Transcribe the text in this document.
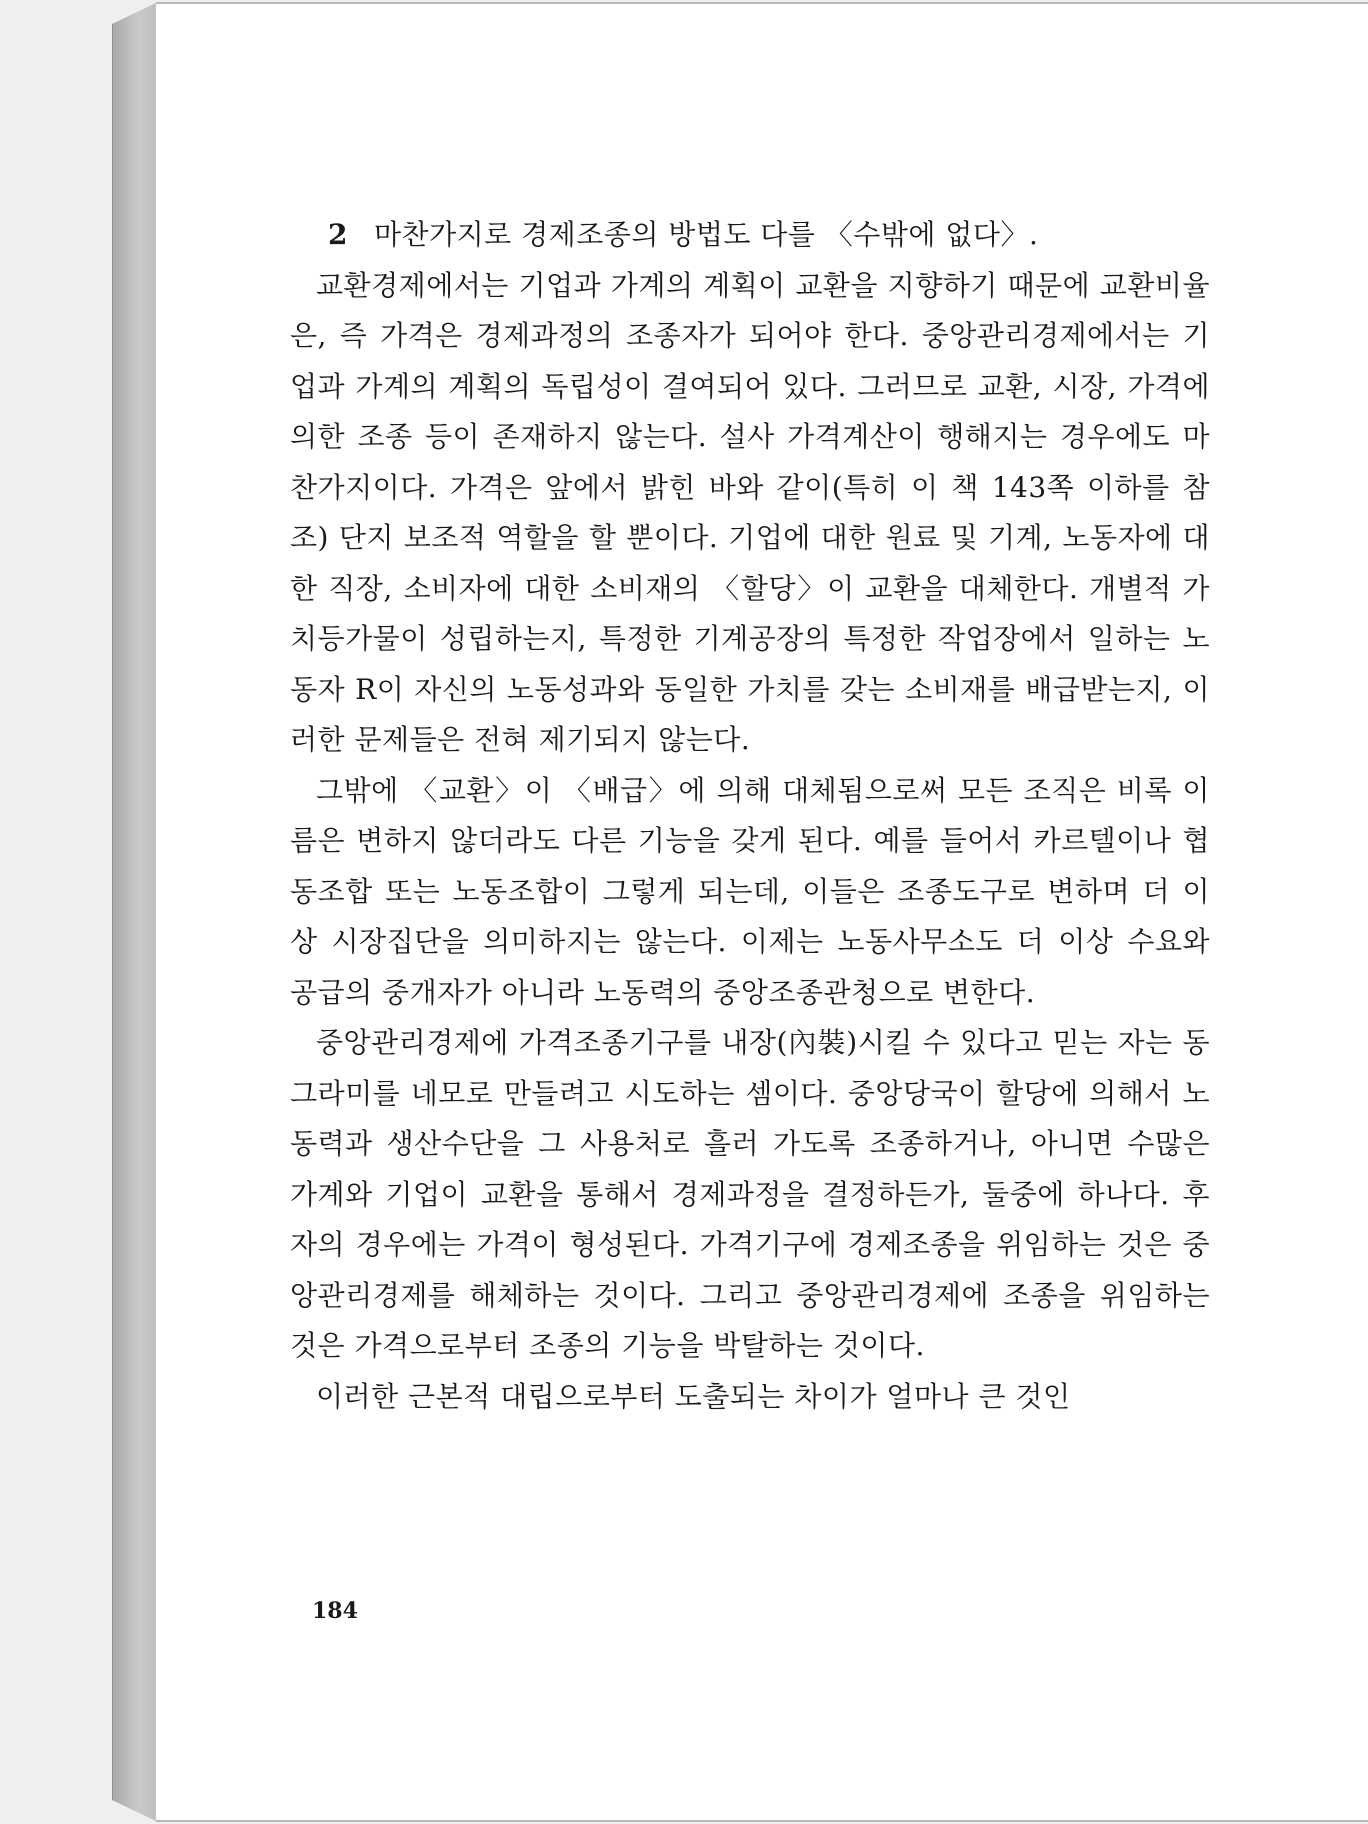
2 마찬가지로 경제조종의 방법도 다를 〈수밖에 없다〉.

교환경제에서는 기업과 가계의 계획이 교환을 지향하기 때문에 교환비율은, 즉 가격은 경제과정의 조종자가 되어야 한다. 중앙관리경제에서는 기업과 가계의 계획의 독립성이 결여되어 있다. 그러므로 교환, 시장, 가격에 의한 조종 등이 존재하지 않는다. 설사 가격계산이 행해지는 경우에도 마찬가지이다. 가격은 앞에서 밝힌 바와 같이(특히 이 책 143쪽 이하를 참조) 단지 보조적 역할을 할 뿐이다. 기업에 대한 원료 및 기계, 노동자에 대한 직장, 소비자에 대한 소비재의 〈할당〉이 교환을 대체한다. 개별적 가치등가물이 성립하는지, 특정한 기계공장의 특정한 작업장에서 일하는 노동자 R이 자신의 노동성과와 동일한 가치를 갖는 소비재를 배급받는지, 이러한 문제들은 전혀 제기되지 않는다.

그밖에 〈교환〉이 〈배급〉에 의해 대체됨으로써 모든 조직은 비록 이름은 변하지 않더라도 다른 기능을 갖게 된다. 예를 들어서 카르텔이나 협동조합 또는 노동조합이 그렇게 되는데, 이들은 조종도구로 변하며 더 이상 시장집단을 의미하지는 않는다. 이제는 노동사무소도 더 이상 수요와 공급의 중개자가 아니라 노동력의 중앙조종관청으로 변한다.

중앙관리경제에 가격조종기구를 내장(內裝)시킬 수 있다고 믿는 자는 동그라미를 네모로 만들려고 시도하는 셈이다. 중앙당국이 할당에 의해서 노동력과 생산수단을 그 사용처로 흘러 가도록 조종하거나, 아니면 수많은 가계와 기업이 교환을 통해서 경제과정을 결정하든가, 둘중에 하나다. 후자의 경우에는 가격이 형성된다. 가격기구에 경제조종을 위임하는 것은 중앙관리경제를 해체하는 것이다. 그리고 중앙관리경제에 조종을 위임하는 것은 가격으로부터 조종의 기능을 박탈하는 것이다.

이러한 근본적 대립으로부터 도출되는 차이가 얼마나 큰 것인

184
